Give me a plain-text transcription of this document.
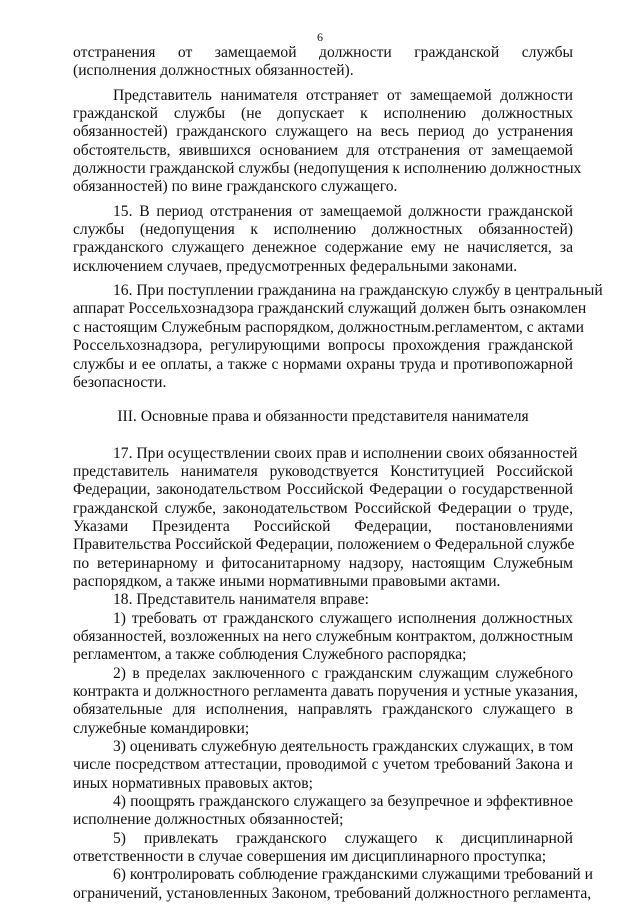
6
отстранения от замещаемой должности гражданской службы
(исполнения должностных обязанностей).
Представитель нанимателя отстраняет от замещаемой должности
гражданской службы (не допускает к исполнению должностных
обязанностей) гражданского служащего на весь период до устранения
обстоятельств, явившихся основанием для отстранения от замещаемой
должности гражданской службы (недопущения к исполнению должностных
обязанностей) по вине гражданского служащего.
15. В период отстранения от замещаемой должности гражданской
службы (недопущения к исполнению должностных обязанностей)
гражданского служащего денежное содержание ему не начисляется, за
исключением случаев, предусмотренных федеральными законами.
16. При поступлении гражданина на гражданскую службу в центральный
аппарат Россельхознадзора гражданский служащий должен быть ознакомлен
с настоящим Служебным распорядком, должностным.регламентом, с актами
Россельхознадзора, регулирующими вопросы прохождения гражданской
службы и ее оплаты, а также с нормами охраны труда и противопожарной
безопасности.
III. Основные права и обязанности представителя нанимателя
17. При осуществлении своих прав и исполнении своих обязанностей
представитель нанимателя руководствуется Конституцией Российской
Федерации, законодательством Российской Федерации о государственной
гражданской службе, законодательством Российской Федерации о труде,
Указами Президента Российской Федерации, постановлениями
Правительства Российской Федерации, положением о Федеральной службе
по ветеринарному и фитосанитарному надзору, настоящим Служебным
распорядком, а также иными нормативными правовыми актами.
18. Представитель нанимателя вправе:
1) требовать от гражданского служащего исполнения должностных
обязанностей, возложенных на него служебным контрактом, должностным
регламентом, а также соблюдения Служебного распорядка;
2) в пределах заключенного с гражданским служащим служебного
контракта и должностного регламента давать поручения и устные указания,
обязательные для исполнения, направлять гражданского служащего в
служебные командировки;
3) оценивать служебную деятельность гражданских служащих, в том
числе посредством аттестации, проводимой с учетом требований Закона и
иных нормативных правовых актов;
4) поощрять гражданского служащего за безупречное и эффективное
исполнение должностных обязанностей;
5) привлекать гражданского служащего к дисциплинарной
ответственности в случае совершения им дисциплинарного проступка;
6) контролировать соблюдение гражданскими служащими требований и
ограничений, установленных Законом, требований должностного регламента,
